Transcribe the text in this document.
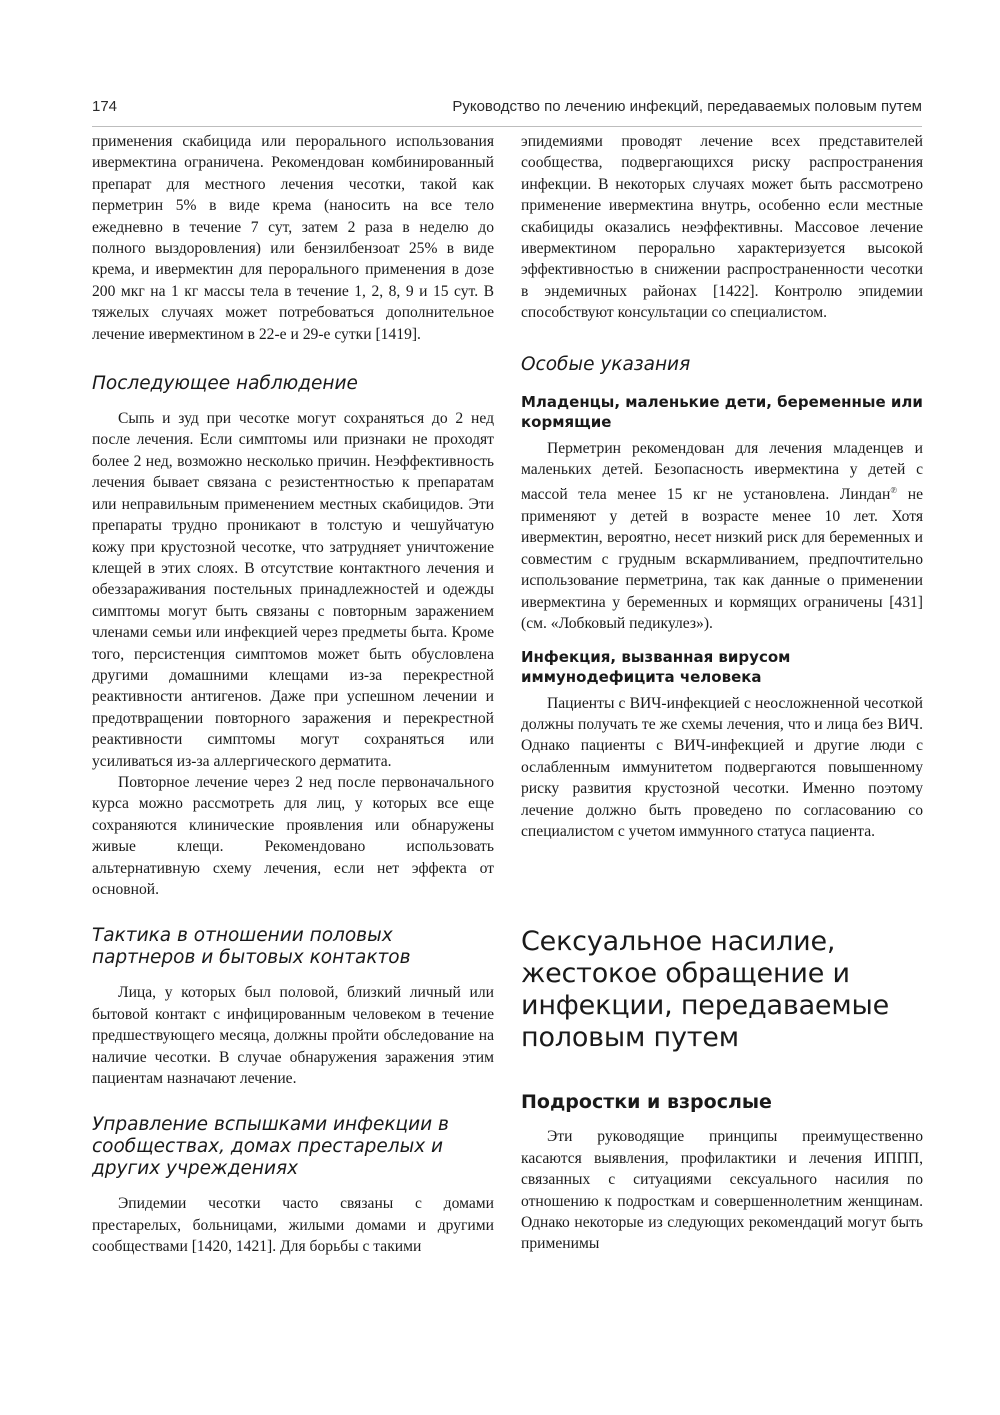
174	Руководство по лечению инфекций, передаваемых половым путем

применения скабицида или перорального использования ивермектина ограничена. Рекомендован комбинированный препарат для местного лечения чесотки, такой как перметрин 5% в виде крема (наносить на все тело ежедневно в течение 7 сут, затем 2 раза в неделю до полного выздоровления) или бензилбензоат 25% в виде крема, и ивермектин для перорального применения в дозе 200 мкг на 1 кг массы тела в течение 1, 2, 8, 9 и 15 сут. В тяжелых случаях может потребоваться дополнительное лечение ивермектином в 22-е и 29-е сутки [1419].

Последующее наблюдение

Сыпь и зуд при чесотке могут сохраняться до 2 нед после лечения. Если симптомы или признаки не проходят более 2 нед, возможно несколько причин. Неэффективность лечения бывает связана с резистентностью к препаратам или неправильным применением местных скабицидов. Эти препараты трудно проникают в толстую и чешуйчатую кожу при крустозной чесотке, что затрудняет уничтожение клещей в этих слоях. В отсутствие контактного лечения и обеззараживания постельных принадлежностей и одежды симптомы могут быть связаны с повторным заражением членами семьи или инфекцией через предметы быта. Кроме того, персистенция симптомов может быть обусловлена другими домашними клещами из-за перекрестной реактивности антигенов. Даже при успешном лечении и предотвращении повторного заражения и перекрестной реактивности симптомы могут сохраняться или усиливаться из-за аллергического дерматита.

Повторное лечение через 2 нед после первоначального курса можно рассмотреть для лиц, у которых все еще сохраняются клинические проявления или обнаружены живые клещи. Рекомендовано использовать альтернативную схему лечения, если нет эффекта от основной.

Тактика в отношении половых партнеров и бытовых контактов

Лица, у которых был половой, близкий личный или бытовой контакт с инфицированным человеком в течение предшествующего месяца, должны пройти обследование на наличие чесотки. В случае обнаружения заражения этим пациентам назначают лечение.

Управление вспышками инфекции в сообществах, домах престарелых и других учреждениях

Эпидемии чесотки часто связаны с домами престарелых, больницами, жилыми домами и другими сообществами [1420, 1421]. Для борьбы с такими

эпидемиями проводят лечение всех представителей сообщества, подвергающихся риску распространения инфекции. В некоторых случаях может быть рассмотрено применение ивермектина внутрь, особенно если местные скабициды оказались неэффективны. Массовое лечение ивермектином перорально характеризуется высокой эффективностью в снижении распространенности чесотки в эндемичных районах [1422]. Контролю эпидемии способствуют консультации со специалистом.

Особые указания
Младенцы, маленькие дети, беременные или кормящие

Перметрин рекомендован для лечения младенцев и маленьких детей. Безопасность ивермектина у детей с массой тела менее 15 кг не установлена. Линдан℗ не применяют у детей в возрасте менее 10 лет. Хотя ивермектин, вероятно, несет низкий риск для беременных и совместим с грудным вскармливанием, предпочтительно использование перметрина, так как данные о применении ивермектина у беременных и кормящих ограничены [431] (см. «Лобковый педикулез»).

Инфекция, вызванная вирусом иммунодефицита человека

Пациенты с ВИЧ-инфекцией с неосложненной чесоткой должны получать те же схемы лечения, что и лица без ВИЧ. Однако пациенты с ВИЧ-инфекцией и другие люди с ослабленным иммунитетом подвергаются повышенному риску развития крустозной чесотки. Именно поэтому лечение должно быть проведено по согласованию со специалистом с учетом иммунного статуса пациента.

Сексуальное насилие, жестокое обращение и инфекции, передаваемые половым путем
Подростки и взрослые

Эти руководящие принципы преимущественно касаются выявления, профилактики и лечения ИППП, связанных с ситуациями сексуального насилия по отношению к подросткам и совершеннолетним женщинам. Однако некоторые из следующих рекомендаций могут быть применимы
